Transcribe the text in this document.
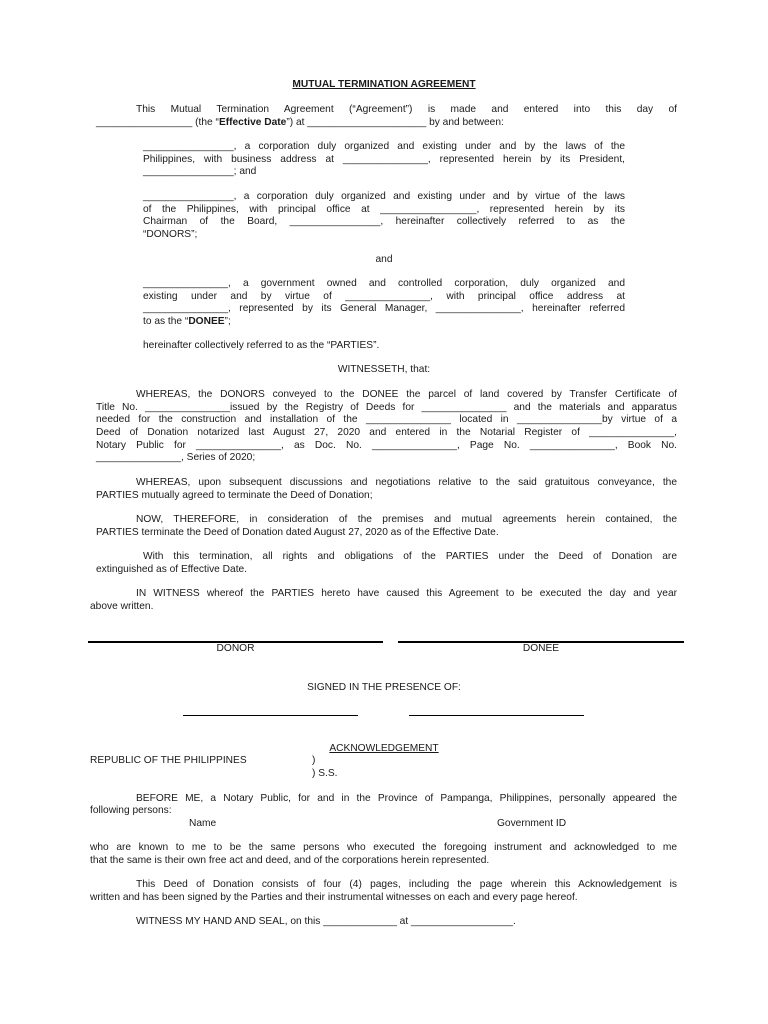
MUTUAL TERMINATION AGREEMENT
This Mutual Termination Agreement (“Agreement”) is made and entered into this day of
_________________ (the “Effective Date”) at _____________________ by and between:
________________, a corporation duly organized and existing under and by the laws of the
Philippines, with business address at _______________, represented herein by its President,
________________; and
________________, a corporation duly organized and existing under and by virtue of the laws
of the Philippines, with principal office at _________________, represented herein by its
Chairman of the Board, ________________, hereinafter collectively referred to as the
“DONORS”;
and
_______________, a government owned and controlled corporation, duly organized and
existing under and by virtue of _______________, with principal office address at
_______________, represented by its General Manager, _______________, hereinafter referred
to as the “DONEE”;
hereinafter collectively referred to as the “PARTIES”.
WITNESSETH, that:
WHEREAS, the DONORS conveyed to the DONEE the parcel of land covered by Transfer Certificate of
Title No. _______________issued by the Registry of Deeds for _______________ and the materials and apparatus
needed for the construction and installation of the _______________ located in _______________by virtue of a
Deed of Donation notarized last August 27, 2020 and entered in the Notarial Register of _______________,
Notary Public for _______________, as Doc. No. _______________, Page No. _______________, Book No.
_______________, Series of 2020;
WHEREAS, upon subsequent discussions and negotiations relative to the said gratuitous conveyance, the
PARTIES mutually agreed to terminate the Deed of Donation;
NOW, THEREFORE, in consideration of the premises and mutual agreements herein contained, the
PARTIES terminate the Deed of Donation dated August 27, 2020 as of the Effective Date.
With this termination, all rights and obligations of the PARTIES under the Deed of Donation are
extinguished as of Effective Date.
IN WITNESS whereof the PARTIES hereto have caused this Agreement to be executed the day and year
above written.
DONOR	DONEE
SIGNED IN THE PRESENCE OF:
ACKNOWLEDGEMENT
REPUBLIC OF THE PHILIPPINES	)
) S.S.
BEFORE ME, a Notary Public, for and in the Province of Pampanga, Philippines, personally appeared the
following persons:
Name	Government ID
who are known to me to be the same persons who executed the foregoing instrument and acknowledged to me
that the same is their own free act and deed, and of the corporations herein represented.
This Deed of Donation consists of four (4) pages, including the page wherein this Acknowledgement is
written and has been signed by the Parties and their instrumental witnesses on each and every page hereof.
WITNESS MY HAND AND SEAL, on this _____________ at __________________.
